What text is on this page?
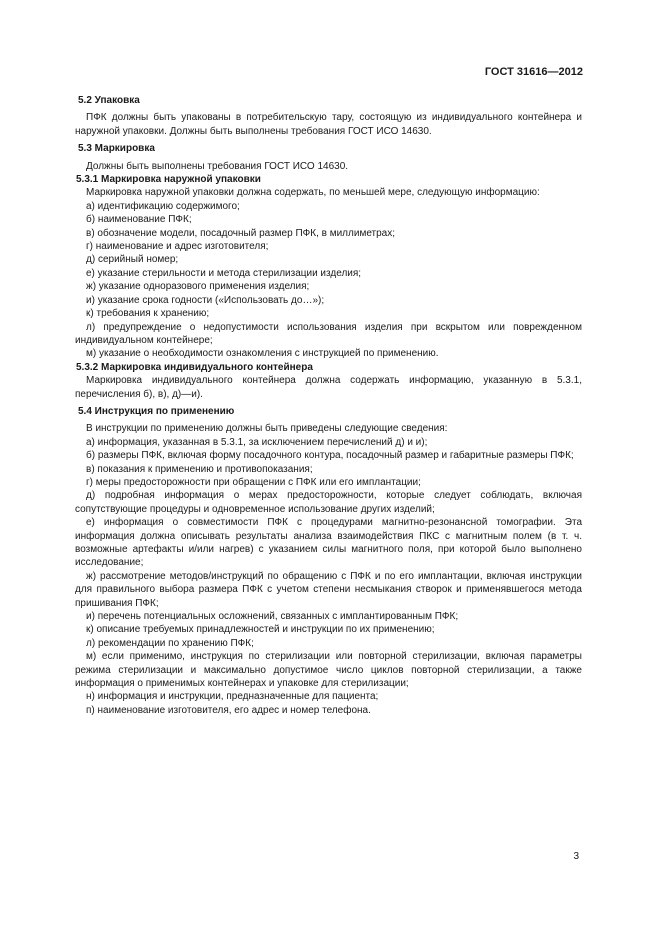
ГОСТ 31616—2012

5.2 Упаковка

ПФК должны быть упакованы в потребительскую тару, состоящую из индивидуального контейнера и наружной упаковки. Должны быть выполнены требования ГОСТ ИСО 14630.

5.3 Маркировка

Должны быть выполнены требования ГОСТ ИСО 14630.

5.3.1 Маркировка наружной упаковки

Маркировка наружной упаковки должна содержать, по меньшей мере, следующую информацию:

а) идентификацию содержимого;

б) наименование ПФК;

в) обозначение модели, посадочный размер ПФК, в миллиметрах;

г) наименование и адрес изготовителя;

д) серийный номер;

е) указание стерильности и метода стерилизации изделия;

ж) указание одноразового применения изделия;

и) указание срока годности («Использовать до…»);

к) требования к хранению;

л) предупреждение о недопустимости использования изделия при вскрытом или поврежденном индивидуальном контейнере;

м) указание о необходимости ознакомления с инструкцией по применению.

5.3.2 Маркировка индивидуального контейнера

Маркировка индивидуального контейнера должна содержать информацию, указанную в 5.3.1, перечисления б), в), д)—и).

5.4 Инструкция по применению

В инструкции по применению должны быть приведены следующие сведения:

а) информация, указанная в 5.3.1, за исключением перечислений д) и и);

б) размеры ПФК, включая форму посадочного контура, посадочный размер и габаритные размеры ПФК;

в) показания к применению и противопоказания;

г) меры предосторожности при обращении с ПФК или его имплантации;

д) подробная информация о мерах предосторожности, которые следует соблюдать, включая сопутствующие процедуры и одновременное использование других изделий;

е) информация о совместимости ПФК с процедурами магнитно-резонансной томографии. Эта информация должна описывать результаты анализа взаимодействия ПКС с магнитным полем (в т. ч. возможные артефакты и/или нагрев) с указанием силы магнитного поля, при которой было выполнено исследование;

ж) рассмотрение методов/инструкций по обращению с ПФК и по его имплантации, включая инструкции для правильного выбора размера ПФК с учетом степени несмыкания створок и применявшегося метода пришивания ПФК;

и) перечень потенциальных осложнений, связанных с имплантированным ПФК;

к) описание требуемых принадлежностей и инструкции по их применению;

л) рекомендации по хранению ПФК;

м) если применимо, инструкция по стерилизации или повторной стерилизации, включая параметры режима стерилизации и максимально допустимое число циклов повторной стерилизации, а также информация о применимых контейнерах и упаковке для стерилизации;

н) информация и инструкции, предназначенные для пациента;

п) наименование изготовителя, его адрес и номер телефона.

3
